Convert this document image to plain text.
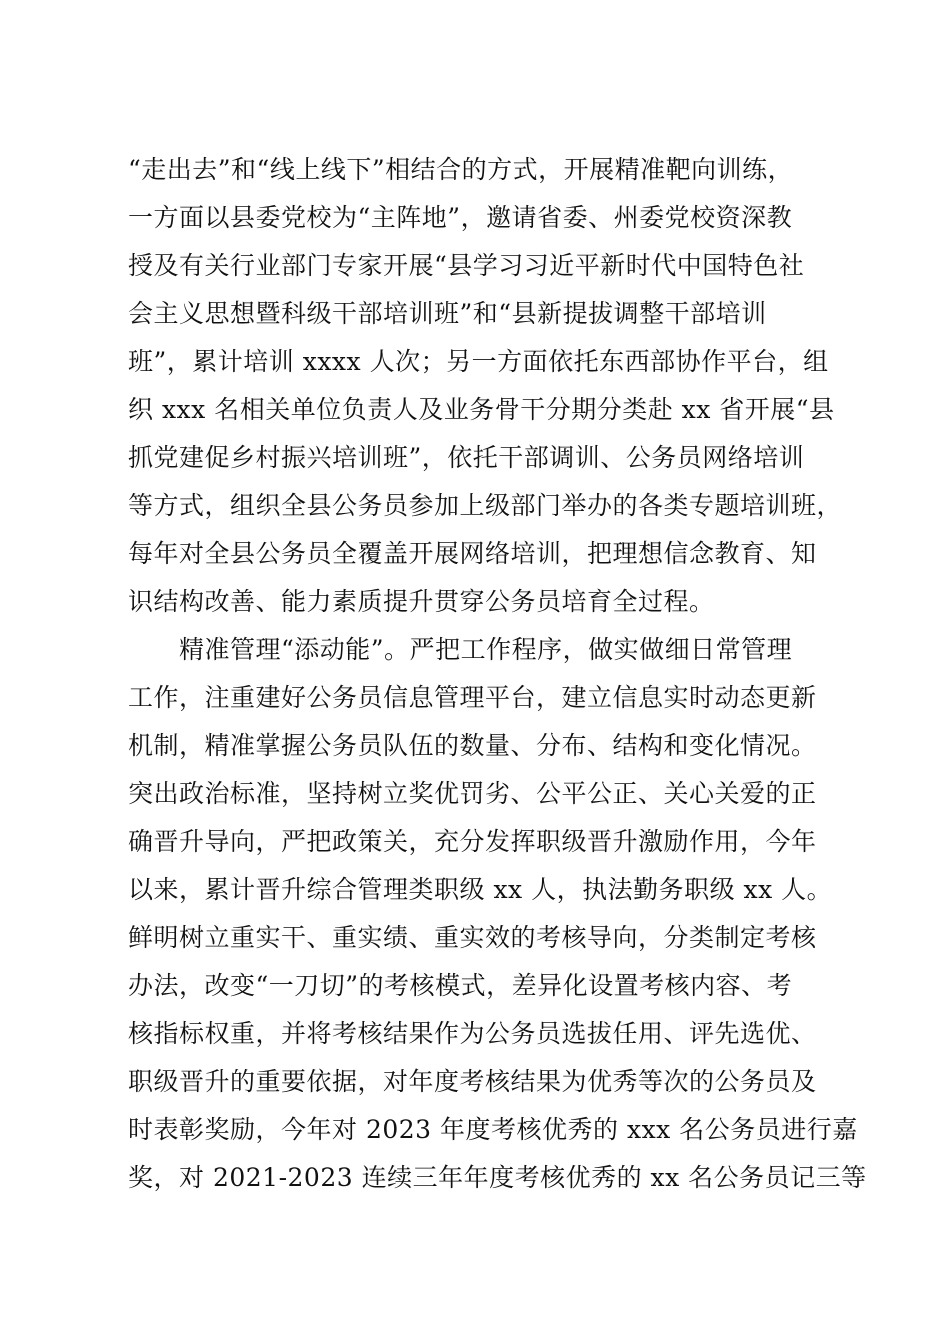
“走出去”和“线上线下”相结合的方式，开展精准靶向训练，
一方面以县委党校为“主阵地”，邀请省委、州委党校资深教
授及有关行业部门专家开展“县学习习近平新时代中国特色社
会主义思想暨科级干部培训班”和“县新提拔调整干部培训
班”，累计培训 xxxx 人次；另一方面依托东西部协作平台，组
织 xxx 名相关单位负责人及业务骨干分期分类赴 xx 省开展“县
抓党建促乡村振兴培训班”，依托干部调训、公务员网络培训
等方式，组织全县公务员参加上级部门举办的各类专题培训班，
每年对全县公务员全覆盖开展网络培训，把理想信念教育、知
识结构改善、能力素质提升贯穿公务员培育全过程。
　　精准管理“添动能”。严把工作程序，做实做细日常管理
工作，注重建好公务员信息管理平台，建立信息实时动态更新
机制，精准掌握公务员队伍的数量、分布、结构和变化情况。
突出政治标准，坚持树立奖优罚劣、公平公正、关心关爱的正
确晋升导向，严把政策关，充分发挥职级晋升激励作用，今年
以来，累计晋升综合管理类职级 xx 人，执法勤务职级 xx 人。
鲜明树立重实干、重实绩、重实效的考核导向，分类制定考核
办法，改变“一刀切”的考核模式，差异化设置考核内容、考
核指标权重，并将考核结果作为公务员选拔任用、评先选优、
职级晋升的重要依据，对年度考核结果为优秀等次的公务员及
时表彰奖励，今年对 2023 年度考核优秀的 xxx 名公务员进行嘉
奖，对 2021-2023 连续三年年度考核优秀的 xx 名公务员记三等
